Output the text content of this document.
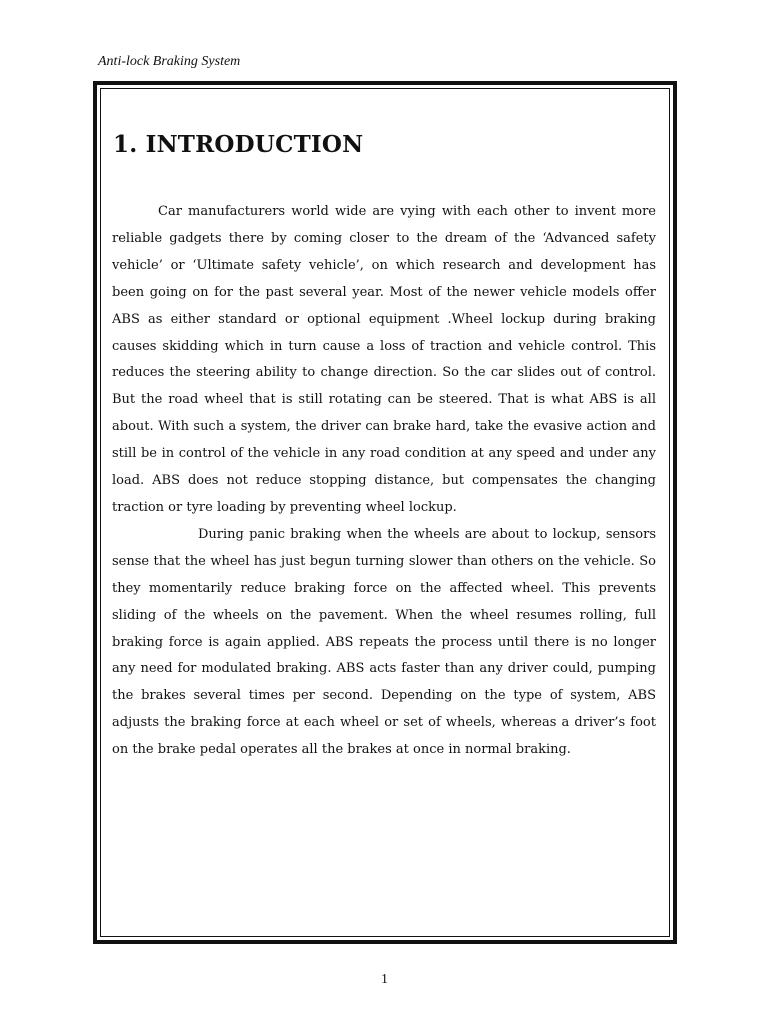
Anti-lock Braking System
1. INTRODUCTION

Car manufacturers world wide are vying with each other to invent more reliable gadgets there by coming closer to the dream of the ‘Advanced safety vehicle’ or ‘Ultimate safety vehicle’, on which research and development has been going on for the past several year. Most of the newer vehicle models offer ABS as either standard or optional equipment .Wheel lockup during braking causes skidding which in turn cause a loss of traction and vehicle control. This reduces the steering ability to change direction. So the car slides out of control. But the road wheel that is still rotating can be steered. That is what ABS is all about. With such a system, the driver can brake hard, take the evasive action and still be in control of the vehicle in any road condition at any speed and under any load. ABS does not reduce stopping distance, but compensates the changing traction or tyre loading by preventing wheel lockup.

During panic braking when the wheels are about to lockup, sensors sense that the wheel has just begun turning slower than others on the vehicle. So they momentarily reduce braking force on the affected wheel. This prevents sliding of the wheels on the pavement. When the wheel resumes rolling, full braking force is again applied. ABS repeats the process until there is no longer any need for modulated braking. ABS acts faster than any driver could, pumping the brakes several times per second. Depending on the type of system, ABS adjusts the braking force at each wheel or set of wheels, whereas a driver’s foot on the brake pedal operates all the brakes at once in normal braking.

1
